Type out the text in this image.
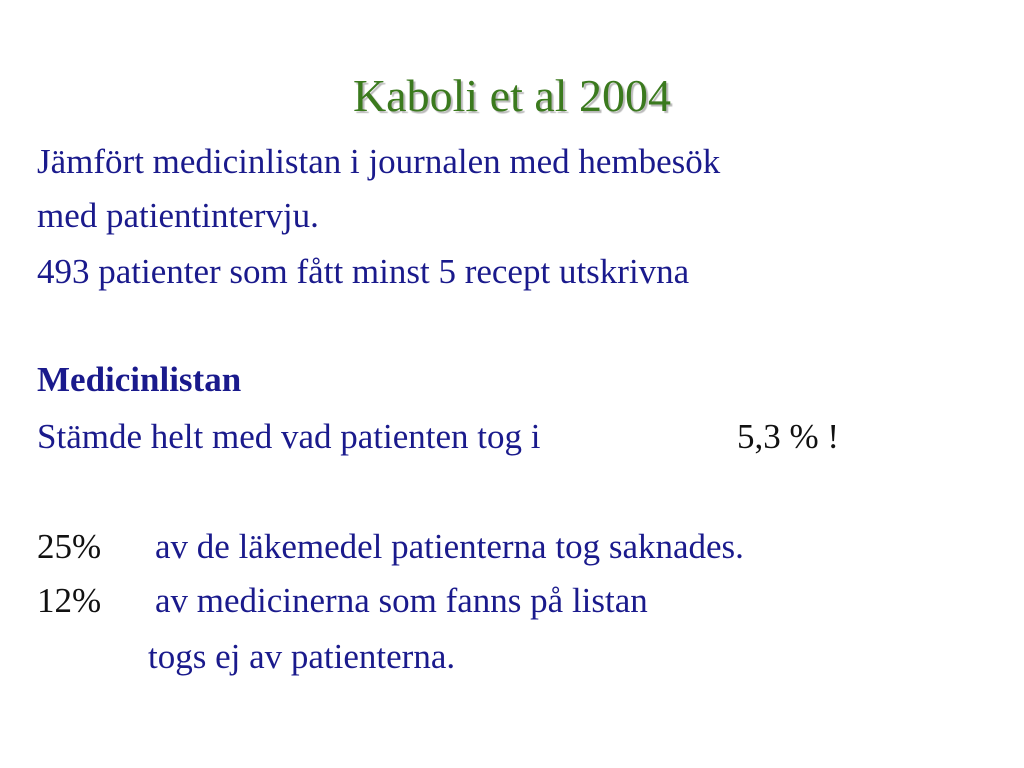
Kaboli et al 2004
Jämfört medicinlistan i journalen med hembesök
med patientintervju.
493 patienter som fått minst 5 recept utskrivna
Medicinlistan
Stämde helt med vad patienten tog i	5,3 % !
25% av de läkemedel patienterna tog saknades.
12% av medicinerna som fanns på listan
togs ej av patienterna.
